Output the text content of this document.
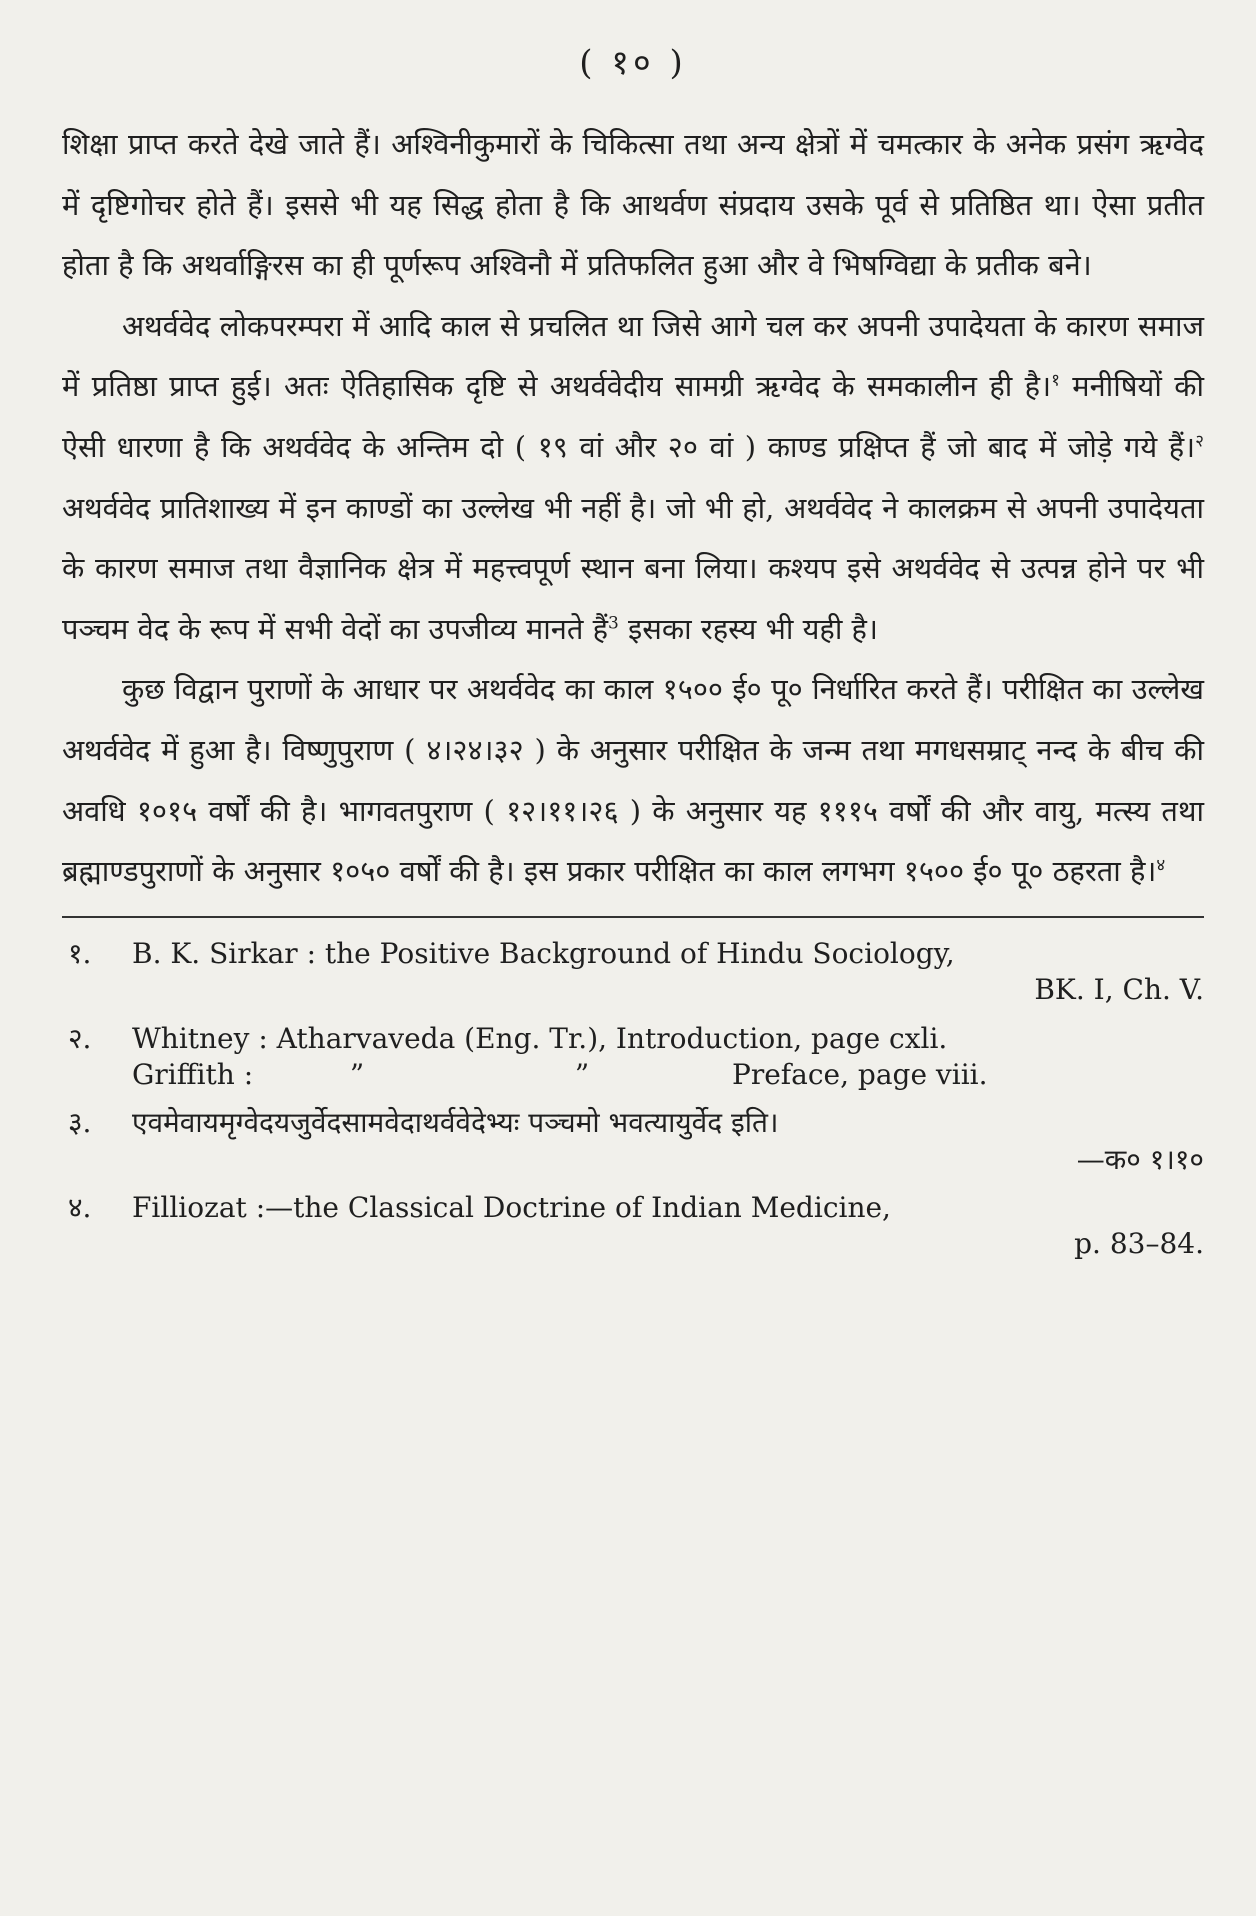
( १० )

शिक्षा प्राप्त करते देखे जाते हैं। अश्विनीकुमारों के चिकित्सा तथा अन्य क्षेत्रों में चमत्कार के अनेक प्रसंग ऋग्वेद में दृष्टिगोचर होते हैं। इससे भी यह सिद्ध होता है कि आथर्वण संप्रदाय उसके पूर्व से प्रतिष्ठित था। ऐसा प्रतीत होता है कि अथर्वाङ्गिरस का ही पूर्णरूप अश्विनौ में प्रतिफलित हुआ और वे भिषग्विद्या के प्रतीक बने।

अथर्ववेद लोकपरम्परा में आदि काल से प्रचलित था जिसे आगे चल कर अपनी उपादेयता के कारण समाज में प्रतिष्ठा प्राप्त हुई। अतः ऐतिहासिक दृष्टि से अथर्ववेदीय सामग्री ऋग्वेद के समकालीन ही है।$^१$ मनीषियों की ऐसी धारणा है कि अथर्ववेद के अन्तिम दो ( १९ वां और २० वां ) काण्ड प्रक्षिप्त हैं जो बाद में जोड़े गये हैं।$^२$ अथर्ववेद प्रातिशाख्य में इन काण्डों का उल्लेख भी नहीं है। जो भी हो, अथर्ववेद ने कालक्रम से अपनी उपादेयता के कारण समाज तथा वैज्ञानिक क्षेत्र में महत्त्वपूर्ण स्थान बना लिया। कश्यप इसे अथर्ववेद से उत्पन्न होने पर भी पञ्चम वेद के रूप में सभी वेदों का उपजीव्य मानते हैं$^3$ इसका रहस्य भी यही है।

कुछ विद्वान पुराणों के आधार पर अथर्ववेद का काल १५०० ई० पू० निर्धारित करते हैं। परीक्षित का उल्लेख अथर्ववेद में हुआ है। विष्णुपुराण ( ४।२४।३२ ) के अनुसार परीक्षित के जन्म तथा मगधसम्राट् नन्द के बीच की अवधि १०१५ वर्षों की है। भागवतपुराण ( १२।११।२६ ) के अनुसार यह १११५ वर्षों की और वायु, मत्स्य तथा ब्रह्माण्डपुराणों के अनुसार १०५० वर्षों की है। इस प्रकार परीक्षित का काल लगभग १५०० ई० पू० ठहरता है।$^४$

१.	B. K. Sirkar : the Positive Background of Hindu Sociology,
BK. I, Ch. V.
२.	Whitney : Atharvaveda (Eng. Tr.), Introduction, page cxli.
Griffith :	”	”	Preface, page viii.
३.	एवमेवायमृग्वेदयजुर्वेदसामवेदाथर्ववेदेभ्यः पञ्चमो भवत्यायुर्वेद इति।
—क० १।१०
४.	Filliozat :—the Classical Doctrine of Indian Medicine,
p. 83–84.
